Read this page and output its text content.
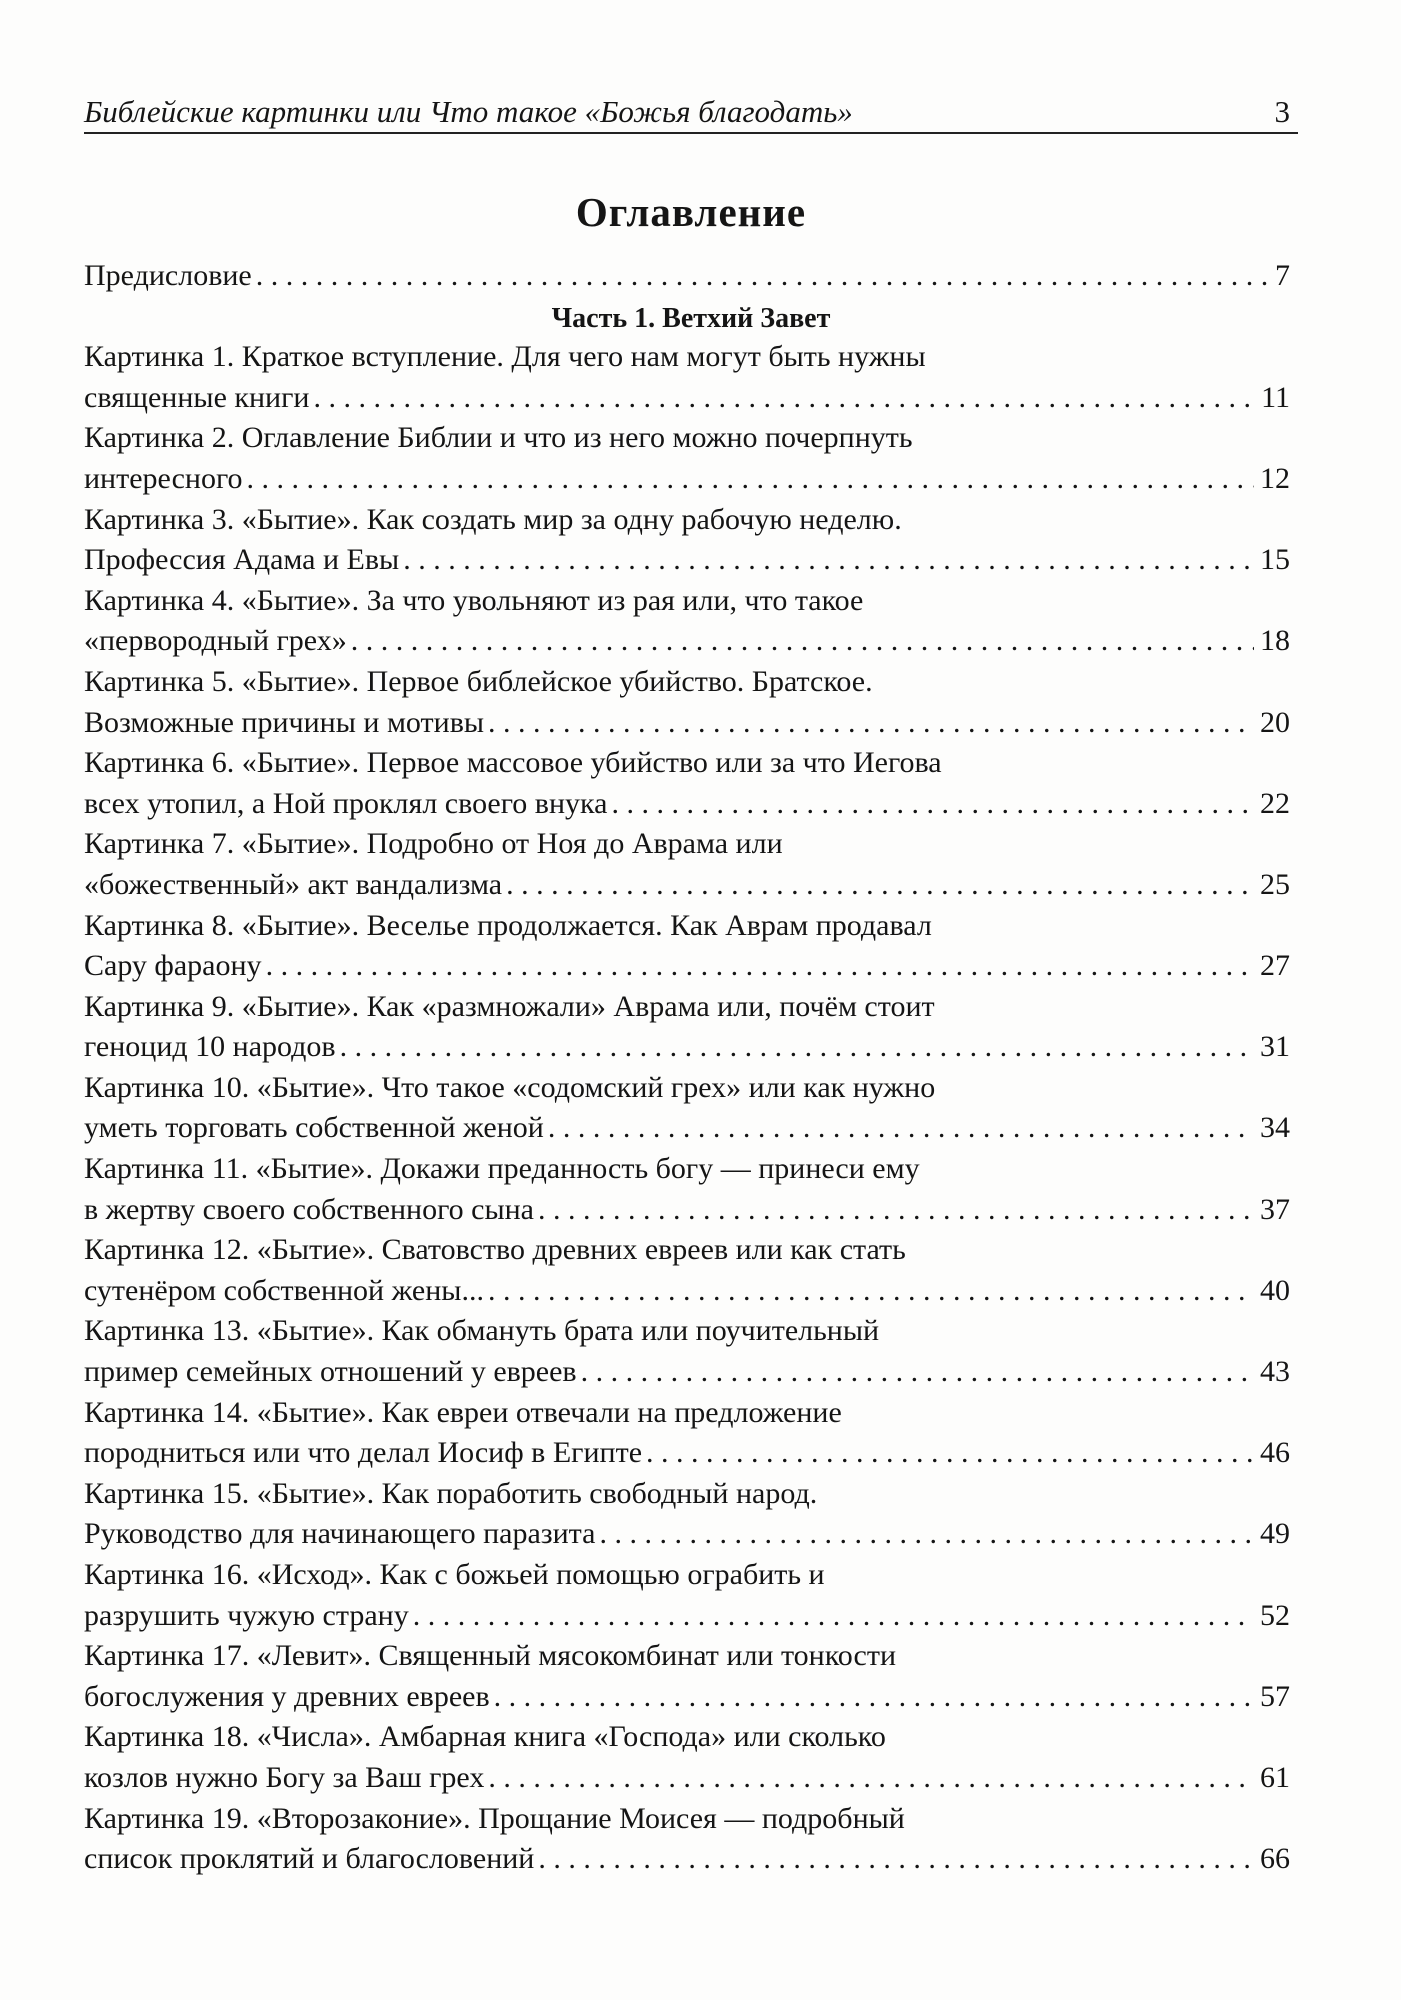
Библейские картинки или Что такое «Божья благодать»	3
Оглавление
Предисловие . . .	7
Часть 1. Ветхий Завет
Картинка 1. Краткое вступление. Для чего нам могут быть нужны
священные книги . . .	11
Картинка 2. Оглавление Библии и что из него можно почерпнуть
интересного . . .	12
Картинка 3. «Бытие». Как создать мир за одну рабочую неделю.
Профессия Адама и Евы . . .	15
Картинка 4. «Бытие». За что увольняют из рая или, что такое
«первородный грех» . . .	18
Картинка 5. «Бытие». Первое библейское убийство. Братское.
Возможные причины и мотивы . . .	20
Картинка 6. «Бытие». Первое массовое убийство или за что Иегова
всех утопил, а Ной проклял своего внука . . .	22
Картинка 7. «Бытие». Подробно от Ноя до Аврама или
«божественный» акт вандализма . . .	25
Картинка 8. «Бытие». Веселье продолжается. Как Аврам продавал
Сару фараону . . .	27
Картинка 9. «Бытие». Как «размножали» Аврама или, почём стоит
геноцид 10 народов . . .	31
Картинка 10. «Бытие». Что такое «содомский грех» или как нужно
уметь торговать собственной женой . . .	34
Картинка 11. «Бытие». Докажи преданность богу — принеси ему
в жертву своего собственного сына . . .	37
Картинка 12. «Бытие». Сватовство древних евреев или как стать
сутенёром собственной жены... . . .	40
Картинка 13. «Бытие». Как обмануть брата или поучительный
пример семейных отношений у евреев . . .	43
Картинка 14. «Бытие». Как евреи отвечали на предложение
породниться или что делал Иосиф в Египте . . .	46
Картинка 15. «Бытие». Как поработить свободный народ.
Руководство для начинающего паразита . . .	49
Картинка 16. «Исход». Как с божьей помощью ограбить и
разрушить чужую страну . . .	52
Картинка 17. «Левит». Священный мясокомбинат или тонкости
богослужения у древних евреев . . .	57
Картинка 18. «Числа». Амбарная книга «Господа» или сколько
козлов нужно Богу за Ваш грех . . .	61
Картинка 19. «Второзаконие». Прощание Моисея — подробный
список проклятий и благословений . . .	66
